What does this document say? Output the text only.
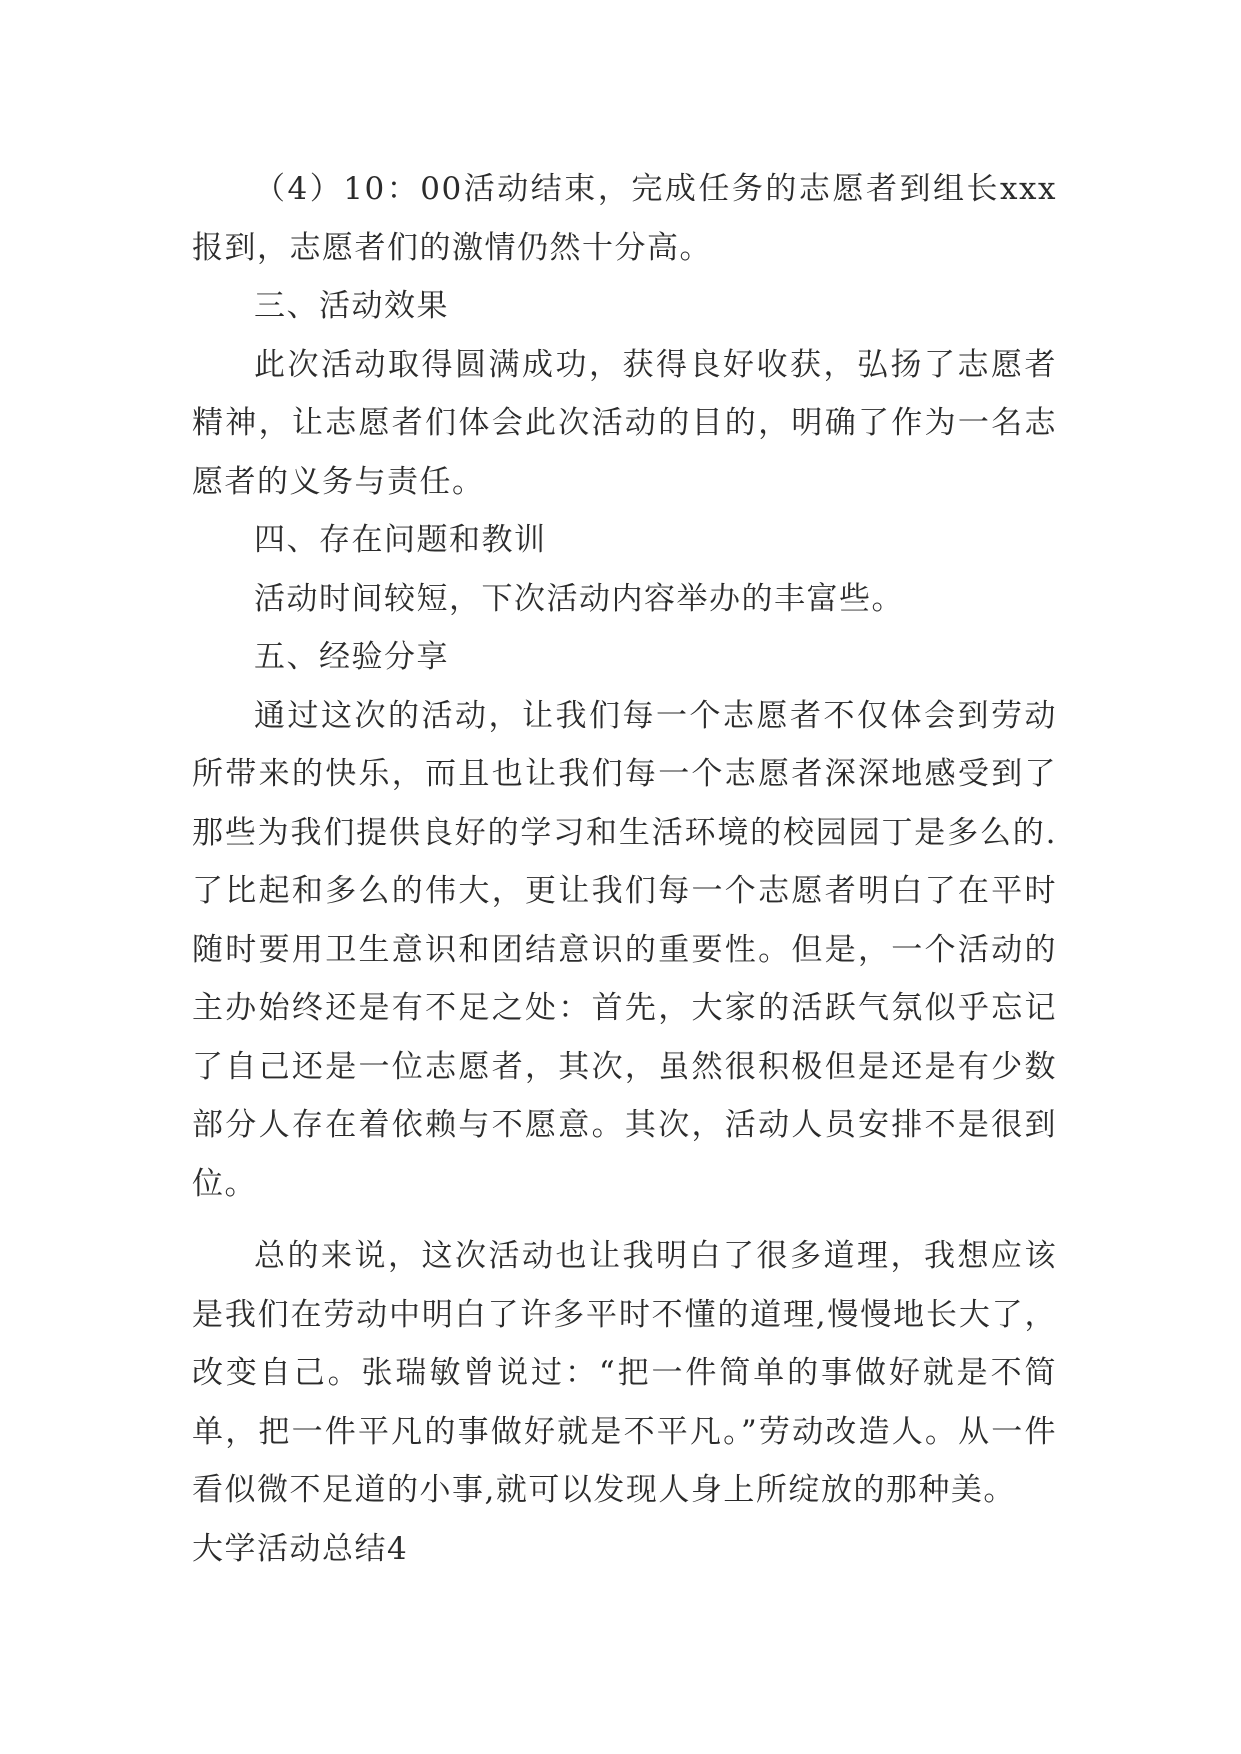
（4）10：00活动结束，完成任务的志愿者到组长xxx报到，志愿者们的激情仍然十分高。

三、活动效果

此次活动取得圆满成功，获得良好收获，弘扬了志愿者精神，让志愿者们体会此次活动的目的，明确了作为一名志愿者的义务与责任。

四、存在问题和教训

活动时间较短，下次活动内容举办的丰富些。

五、经验分享

通过这次的活动，让我们每一个志愿者不仅体会到劳动所带来的快乐，而且也让我们每一个志愿者深深地感受到了那些为我们提供良好的学习和生活环境的校园园丁是多么的.了比起和多么的伟大，更让我们每一个志愿者明白了在平时随时要用卫生意识和团结意识的重要性。但是，一个活动的主办始终还是有不足之处：首先，大家的活跃气氛似乎忘记了自己还是一位志愿者，其次，虽然很积极但是还是有少数部分人存在着依赖与不愿意。其次，活动人员安排不是很到位。

总的来说，这次活动也让我明白了很多道理，我想应该是我们在劳动中明白了许多平时不懂的道理,慢慢地长大了，改变自己。张瑞敏曾说过：“把一件简单的事做好就是不简单，把一件平凡的事做好就是不平凡。”劳动改造人。从一件看似微不足道的小事,就可以发现人身上所绽放的那种美。

大学活动总结4
